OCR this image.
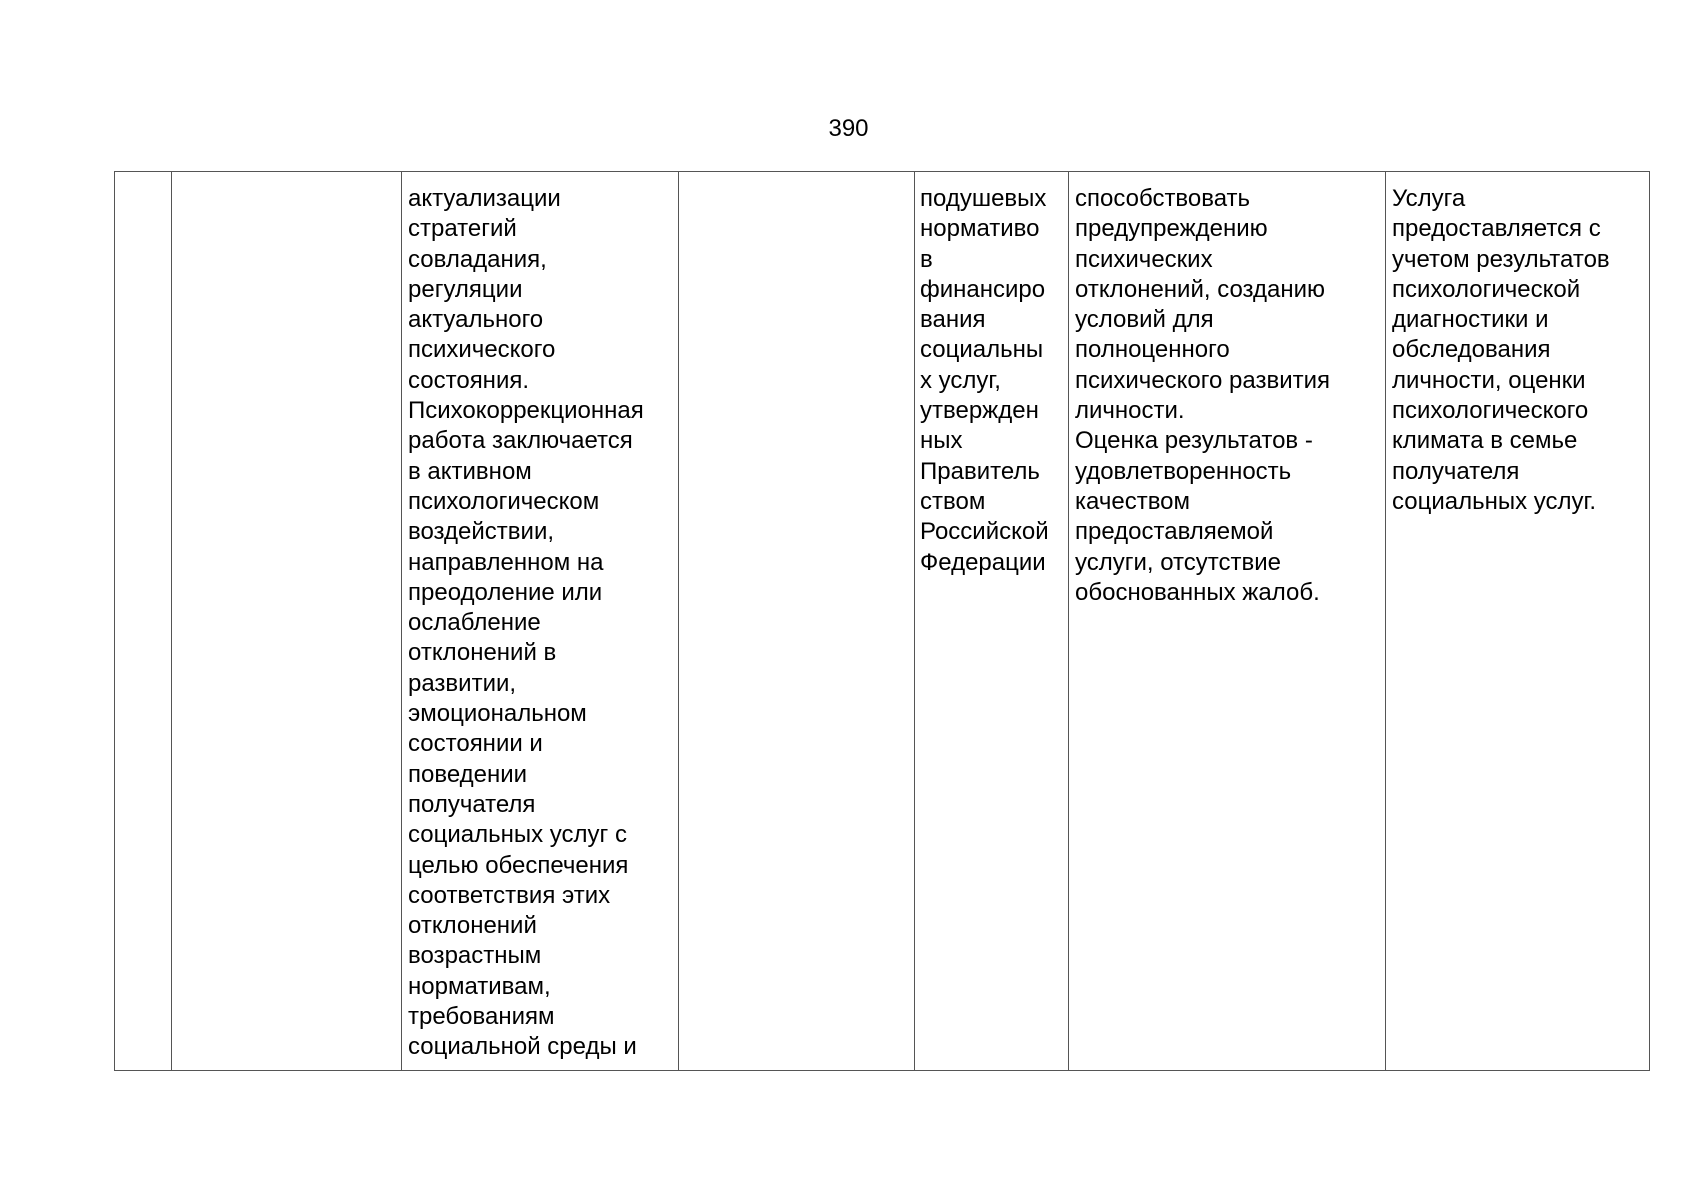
390
		актуализации
стратегий
совладания,
регуляции
актуального
психического
состояния.
Психокоррекционная
работа заключается
в активном
психологическом
воздействии,
направленном на
преодоление или
ослабление
отклонений в
развитии,
эмоциональном
состоянии и
поведении
получателя
социальных услуг с
целью обеспечения
соответствия этих
отклонений
возрастным
нормативам,
требованиям
социальной среды и		подушевых
нормативо
в
финансиро
вания
социальны
х услуг,
утвержден
ных
Правитель
ством
Российской
Федерации	способствовать
предупреждению
психических
отклонений, созданию
условий для
полноценного
психического развития
личности.
Оценка результатов -
удовлетворенность
качеством
предоставляемой
услуги, отсутствие
обоснованных жалоб.	Услуга
предоставляется с
учетом результатов
психологической
диагностики и
обследования
личности, оценки
психологического
климата в семье
получателя
социальных услуг.
